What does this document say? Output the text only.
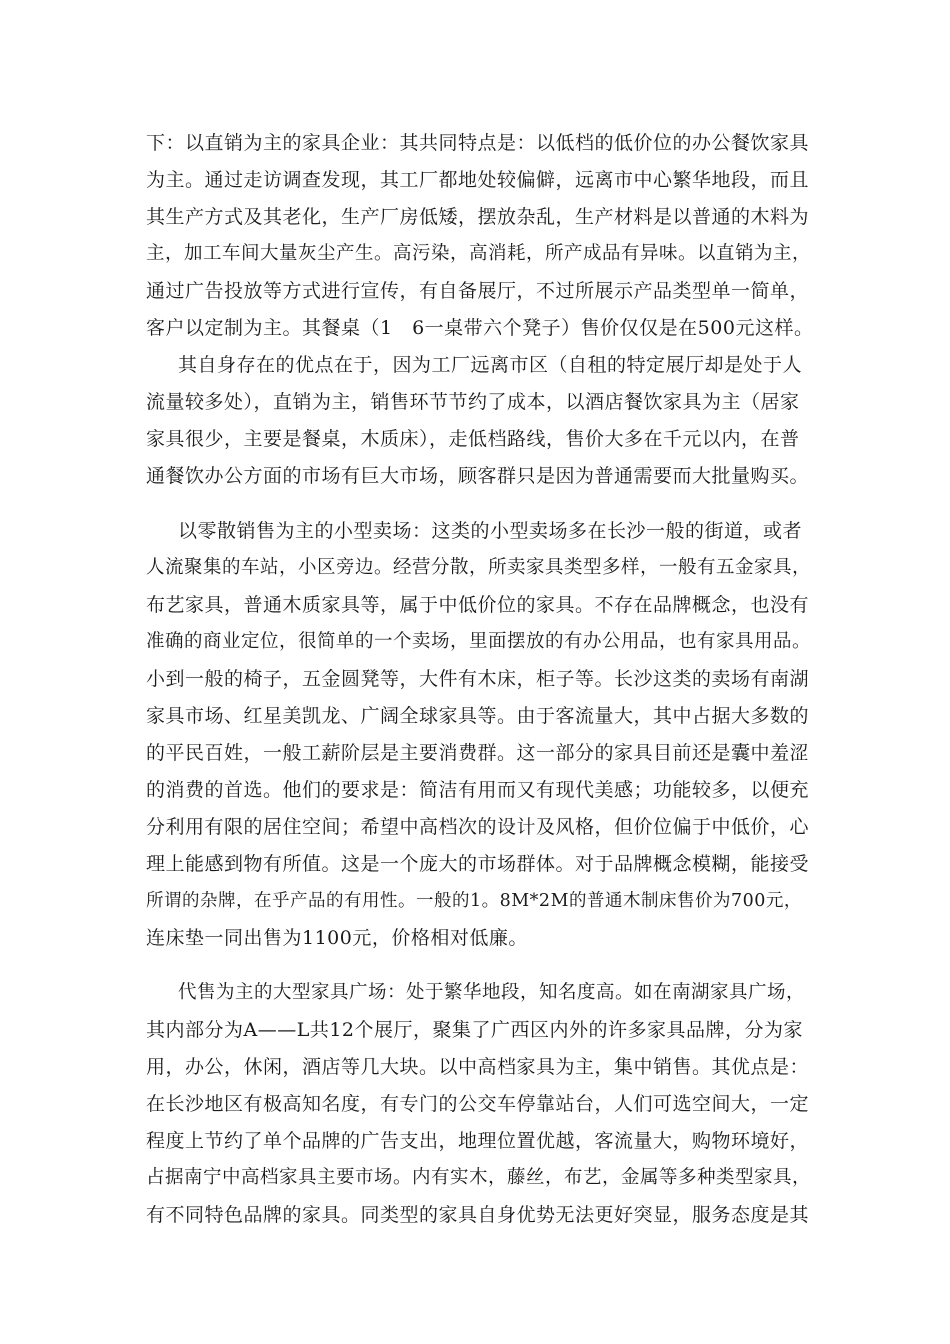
下：以直销为主的家具企业：其共同特点是：以低档的低价位的办公餐饮家具
为主。通过走访调查发现，其工厂都地处较偏僻，远离市中心繁华地段，而且
其生产方式及其老化，生产厂房低矮，摆放杂乱，生产材料是以普通的木料为
主，加工车间大量灰尘产生。高污染，高消耗，所产成品有异味。以直销为主，
通过广告投放等方式进行宣传，有自备展厅，不过所展示产品类型单一简单，
客户以定制为主。其餐桌（1　6一桌带六个凳子）售价仅仅是在500元这样。
其自身存在的优点在于，因为工厂远离市区（自租的特定展厅却是处于人
流量较多处），直销为主，销售环节节约了成本，以酒店餐饮家具为主（居家
家具很少，主要是餐桌，木质床），走低档路线，售价大多在千元以内，在普
通餐饮办公方面的市场有巨大市场，顾客群只是因为普通需要而大批量购买。
以零散销售为主的小型卖场：这类的小型卖场多在长沙一般的街道，或者
人流聚集的车站，小区旁边。经营分散，所卖家具类型多样，一般有五金家具，
布艺家具，普通木质家具等，属于中低价位的家具。不存在品牌概念，也没有
准确的商业定位，很简单的一个卖场，里面摆放的有办公用品，也有家具用品。
小到一般的椅子，五金圆凳等，大件有木床，柜子等。长沙这类的卖场有南湖
家具市场、红星美凯龙、广阔全球家具等。由于客流量大，其中占据大多数的
的平民百姓，一般工薪阶层是主要消费群。这一部分的家具目前还是囊中羞涩
的消费的首选。他们的要求是：简洁有用而又有现代美感；功能较多，以便充
分利用有限的居住空间；希望中高档次的设计及风格，但价位偏于中低价，心
理上能感到物有所值。这是一个庞大的市场群体。对于品牌概念模糊，能接受
所谓的杂牌，在乎产品的有用性。一般的1。8M*2M的普通木制床售价为700元，
连床垫一同出售为1100元，价格相对低廉。
代售为主的大型家具广场：处于繁华地段，知名度高。如在南湖家具广场，
其内部分为A——L共12个展厅，聚集了广西区内外的许多家具品牌，分为家
用，办公，休闲，酒店等几大块。以中高档家具为主，集中销售。其优点是：
在长沙地区有极高知名度，有专门的公交车停靠站台，人们可选空间大，一定
程度上节约了单个品牌的广告支出，地理位置优越，客流量大，购物环境好，
占据南宁中高档家具主要市场。内有实木，藤丝，布艺，金属等多种类型家具，
有不同特色品牌的家具。同类型的家具自身优势无法更好突显，服务态度是其
